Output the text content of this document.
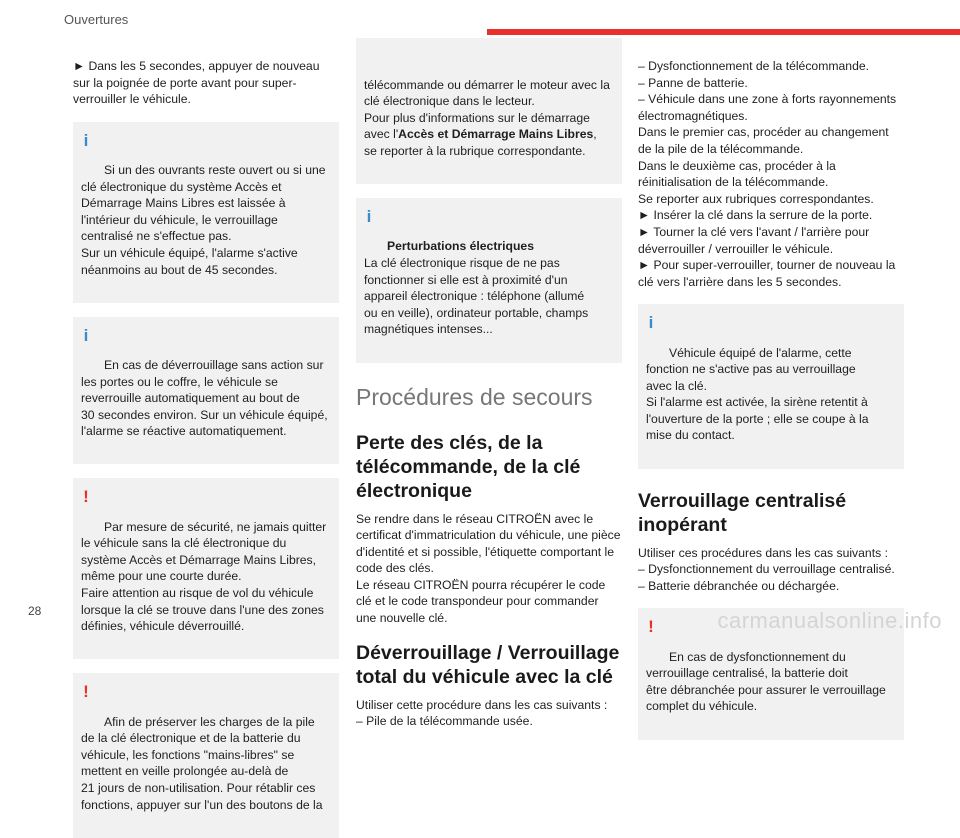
Ouvertures
► Dans les 5 secondes, appuyer de nouveau
sur la poignée de porte avant pour super-
verrouiller le véhicule.

i

Si un des ouvrants reste ouvert ou si une
clé électronique du système Accès et
Démarrage Mains Libres est laissée à
l'intérieur du véhicule, le verrouillage
centralisé ne s'effectue pas.
Sur un véhicule équipé, l'alarme s'active
néanmoins au bout de 45 secondes.

i

En cas de déverrouillage sans action sur
les portes ou le coffre, le véhicule se
reverrouille automatiquement au bout de
30 secondes environ. Sur un véhicule équipé,
l'alarme se réactive automatiquement.

!

Par mesure de sécurité, ne jamais quitter
le véhicule sans la clé électronique du
système Accès et Démarrage Mains Libres,
même pour une courte durée.
Faire attention au risque de vol du véhicule
lorsque la clé se trouve dans l'une des zones
définies, véhicule déverrouillé.

!

Afin de préserver les charges de la pile
de la clé électronique et de la batterie du
véhicule, les fonctions "mains-libres" se
mettent en veille prolongée au-delà de
21 jours de non-utilisation. Pour rétablir ces
fonctions, appuyer sur l'un des boutons de la

télécommande ou démarrer le moteur avec la
clé électronique dans le lecteur.
Pour plus d'informations sur le démarrage
avec l'Accès et Démarrage Mains Libres,
se reporter à la rubrique correspondante.

i

Perturbations électriques
La clé électronique risque de ne pas
fonctionner si elle est à proximité d'un
appareil électronique : téléphone (allumé
ou en veille), ordinateur portable, champs
magnétiques intenses...

Procédures de secours
Perte des clés, de la
télécommande, de la clé
électronique
Se rendre dans le réseau CITROËN avec le
certificat d'immatriculation du véhicule, une pièce
d'identité et si possible, l'étiquette comportant le
code des clés.
Le réseau CITROËN pourra récupérer le code
clé et le code transpondeur pour commander
une nouvelle clé.
Déverrouillage / Verrouillage
total du véhicule avec la clé
Utiliser cette procédure dans les cas suivants :
– Pile de la télécommande usée.
– Dysfonctionnement de la télécommande.
– Panne de batterie.
– Véhicule dans une zone à forts rayonnements
électromagnétiques.
Dans le premier cas, procéder au changement
de la pile de la télécommande.
Dans le deuxième cas, procéder à la
réinitialisation de la télécommande.
Se reporter aux rubriques correspondantes.
► Insérer la clé dans la serrure de la porte.
► Tourner la clé vers l'avant / l'arrière pour
déverrouiller / verrouiller le véhicule.
► Pour super-verrouiller, tourner de nouveau la
clé vers l'arrière dans les 5 secondes.

i

Véhicule équipé de l'alarme, cette
fonction ne s'active pas au verrouillage
avec la clé.
Si l'alarme est activée, la sirène retentit à
l'ouverture de la porte ; elle se coupe à la
mise du contact.

Verrouillage centralisé
inopérant
Utiliser ces procédures dans les cas suivants :
– Dysfonctionnement du verrouillage centralisé.
– Batterie débranchée ou déchargée.

!

En cas de dysfonctionnement du
verrouillage centralisé, la batterie doit
être débranchée pour assurer le verrouillage
complet du véhicule.

28	carmanualsonline.info
